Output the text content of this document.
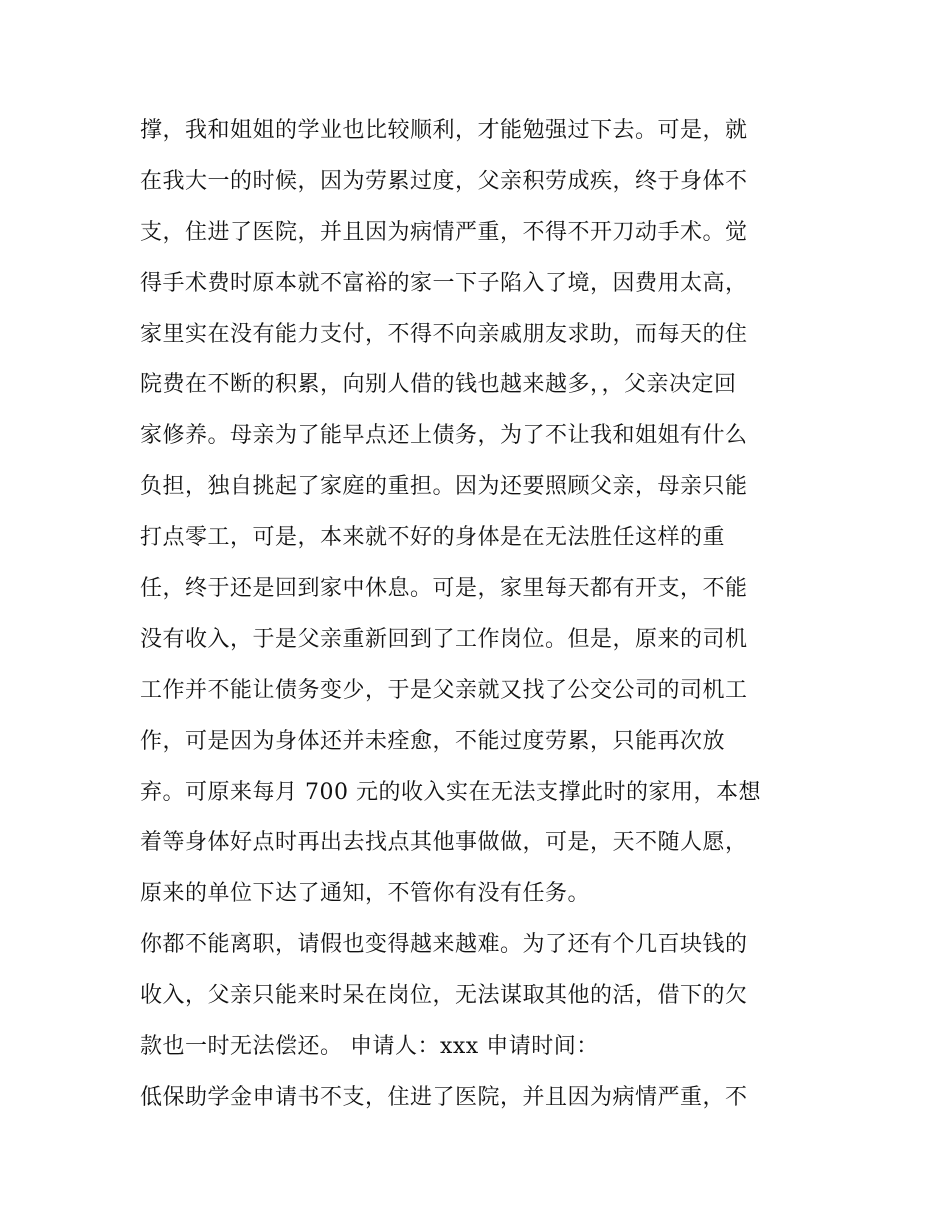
撑，我和姐姐的学业也比较顺利，才能勉强过下去。可是，就
在我大一的时候，因为劳累过度，父亲积劳成疾，终于身体不
支，住进了医院，并且因为病情严重，不得不开刀动手术。觉
得手术费时原本就不富裕的家一下子陷入了境，因费用太高，
家里实在没有能力支付，不得不向亲戚朋友求助，而每天的住
院费在不断的积累，向别人借的钱也越来越多，，父亲决定回
家修养。母亲为了能早点还上债务，为了不让我和姐姐有什么
负担，独自挑起了家庭的重担。因为还要照顾父亲，母亲只能
打点零工，可是，本来就不好的身体是在无法胜任这样的重
任，终于还是回到家中休息。可是，家里每天都有开支，不能
没有收入，于是父亲重新回到了工作岗位。但是，原来的司机
工作并不能让债务变少，于是父亲就又找了公交公司的司机工
作，可是因为身体还并未痊愈，不能过度劳累，只能再次放
弃。可原来每月 700 元的收入实在无法支撑此时的家用，本想
着等身体好点时再出去找点其他事做做，可是，天不随人愿，
原来的单位下达了通知，不管你有没有任务。
你都不能离职，请假也变得越来越难。为了还有个几百块钱的
收入，父亲只能来时呆在岗位，无法谋取其他的活，借下的欠
款也一时无法偿还。 申请人：xxx 申请时间：
低保助学金申请书不支，住进了医院，并且因为病情严重，不
